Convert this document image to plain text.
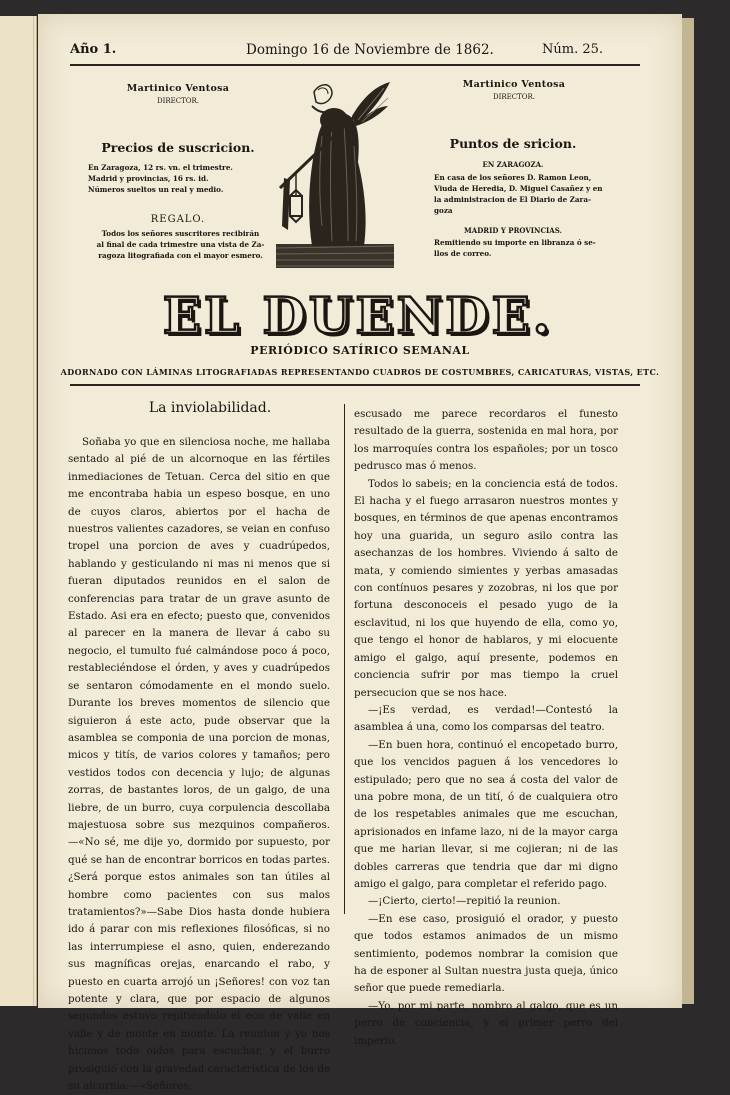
Año 1.	Domingo 16 de Noviembre de 1862.	Núm. 25.
Martinico Ventosa
DIRECTOR.
Precios de suscricion.
En Zaragoza, 12 rs. vn. el trimestre.
Madrid y provincias, 16 rs. id.
Números sueltos un real y medio.
REGALO.
Todos los señores suscritores recibirán
al final de cada trimestre una vista de Za-
ragoza litografiada con el mayor esmero.
Martinico Ventosa
DIRECTOR.
Puntos de sricion.
EN ZARAGOZA.
En casa de los señores D. Ramon Leon,
Viuda de Heredia, D. Miguel Casañez y en
la administracion de El Diario de Zara-
goza
MADRID Y PROVINCIAS.
Remitiendo su importe en libranza ó se-
llos de correo.
EL DUENDE.
PERIÓDICO SATÍRICO SEMANAL
ADORNADO CON LÁMINAS LITOGRAFIADAS REPRESENTANDO CUADROS DE COSTUMBRES, CARICATURAS, VISTAS, ETC.
La inviolabilidad.

Soñaba yo que en silenciosa noche, me hallaba sentado al pié de un alcornoque en las fértiles inmediaciones de Tetuan. Cerca del sitio en que me encontraba habia un espeso bosque, en uno de cuyos claros, abiertos por el hacha de nuestros valientes cazadores, se veian en confuso tropel una porcion de aves y cuadrúpedos, hablando y gesticulando ni mas ni menos que si fueran diputados reunidos en el salon de conferencias para tratar de un grave asunto de Estado. Asi era en efecto; puesto que, convenidos al parecer en la manera de llevar á cabo su negocio, el tumulto fué calmándose poco á poco, restableciéndose el órden, y aves y cuadrúpedos se sentaron cómodamente en el mondo suelo. Durante los breves momentos de silencio que siguieron á este acto, pude observar que la asamblea se componia de una porcion de monas, micos y titís, de varios colores y tamaños; pero vestidos todos con decencia y lujo; de algunas zorras, de bastantes loros, de un galgo, de una liebre, de un burro, cuya corpulencia descollaba majestuosa sobre sus mezquinos compañeros.—«No sé, me dije yo, dormido por supuesto, por qué se han de encontrar borricos en todas partes. ¿Será porque estos animales son tan útiles al hombre como pacientes con sus malos tratamientos?»—Sabe Dios hasta donde hubiera ido á parar con mis reflexiones filosóficas, si no las interrumpiese el asno, quien, enderezando sus magníficas orejas, enarcando el rabo, y puesto en cuarta arrojó un ¡Señores! con voz tan potente y clara, que por espacio de algunos segundos estuvo repitiéndolo el eco de valle en valle y de monte en monte. La reunion y yo nos hicimos todo oidos para escuchar, y el burro prosiguió con la gravedad característica de los de su alcurnia:—«Señores;

escusado me parece recordaros el funesto resultado de la guerra, sostenida en mal hora, por los marroquíes contra los españoles; por un tosco pedrusco mas ó menos.

Todos lo sabeis; en la conciencia está de todos. El hacha y el fuego arrasaron nuestros montes y bosques, en términos de que apenas encontramos hoy una guarida, un seguro asilo contra las asechanzas de los hombres. Viviendo á salto de mata, y comiendo simientes y yerbas amasadas con contínuos pesares y zozobras, ni los que por fortuna desconoceis el pesado yugo de la esclavitud, ni los que huyendo de ella, como yo, que tengo el honor de hablaros, y mi elocuente amigo el galgo, aquí presente, podemos en conciencia sufrir por mas tiempo la cruel persecucion que se nos hace.

—¡Es verdad, es verdad!—Contestó la asamblea á una, como los comparsas del teatro.

—En buen hora, continuó el encopetado burro, que los vencidos paguen á los vencedores lo estipulado; pero que no sea á costa del valor de una pobre mona, de un tití, ó de cualquiera otro de los respetables animales que me escuchan, aprisionados en infame lazo, ni de la mayor carga que me harian llevar, si me cojieran; ni de las dobles carreras que tendria que dar mi digno amigo el galgo, para completar el referido pago.

—¡Cierto, cierto!—repitió la reunion.

—En ese caso, prosiguió el orador, y puesto que todos estamos animados de un mismo sentimiento, podemos nombrar la comision que ha de esponer al Sultan nuestra justa queja, único señor que puede remediarla.

—Yo, por mi parte, nombro al galgo, que es un perro de conciencia, y el primer perro del imperio.
